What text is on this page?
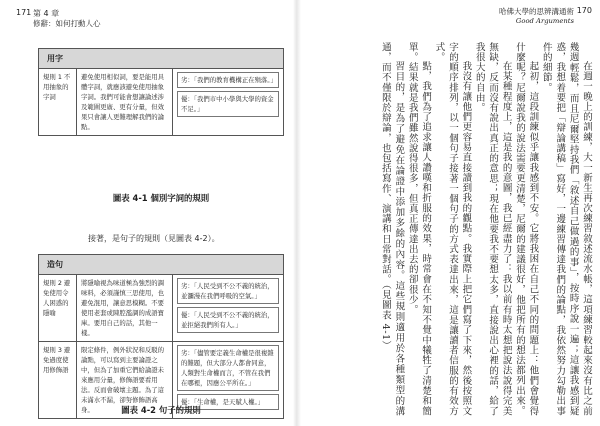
171 第 4 章
修辭：如何打動人心
用字
規則 1 不用抽象的字詞
避免使用相似詞，要是能用具體字詞，就應該避免使用抽象字詞。我們可能會想讓論述涉及範圍更廣、更有分量，但效果只會讓人更難理解我們的論點。
劣：「我們的教育機構正在殞落。」
優：「我們市中小學與大學的資金不足。」
圖表 4-1 個別字詞的規則
接著，是句子的規則（見圖表 4-2）。
造句
規則 2 避免使用令人困惑的隱喻
將隱喻視為味道極為強烈的調味料，必須謹慎三思使用，也避免混用，讓意思模糊。不要使用老套或陳腔濫調的成語寶庫。要用自己的話，其他一樣。
劣：「人民受到不公不義的統治，並瀰漫在我們呼吸的空氣。」
優：「人民受到不公不義的統治，並拒絕我們所有人。」
規則 3 避免過度使用修飾語
限定條件，例外狀況和反駁的論點，可以寫到主要論證之中，但為了加重它們給論證未來應用分量，修飾語要看用法。反而會破壞主題。為了這未滿水不漏，卻努修飾語高身。
劣：「儘管要定義生命權是很複雜的難題，但大部分人都會同意，人類對生命權而言，不管在我們在哪裡，因應公平所在。」
優：「生命權，是天賦人權。」
圖表 4-2 句子的規則
哈佛大學的思辨溝通術
Good Arguments
170

在週一晚上的訓練，大一新生再次練習敘述流水帳，這項練習較起來沒有比之前幾週輕鬆，而且尼爾堅持我們「敘述自己做過的事」，按時序說一遍；這讓我感到疑惑，我想着要把「辯論講稿」寫好，一邊練習傳達我們的論點，我依然努力勾勒出事件的細節。

起初，這段訓練似乎讓我感到不安。它將我困在自己不同的問題上：他們會覺得什麼呢？尼爾說我的說法需要更清楚，尼爾的建議很好，他把所有的想法都列出來。

在某種程度上，這是我的意圖，我已經盡力了：我以前有時太想把說法說得完美無缺，反而沒有說出真正的意思；現在他要我不要想太多，直接說出心裡的話，給了我很大的自由。

我沒有讓他們更容易直接讀到我的觀點。我實際上把它們寫了下來，然後按照文字的順序排列，以一個句子接著一個句子的方式表達出來，這是讓讀者信服的有效方式。

點，我們為了追求讓人讚嘆和折服的效果，時常會在不知不覺中犧牲了清楚和簡單。結果就是我們雖然說得很多，但真正傳達出去的卻很少。

習目的，是為了避免在論證中添加多餘的內容。這些規則適用於各種類型的溝通，而不僅限於辯論，也包括寫作、演講和日常對話。（見圖表 4-1）
